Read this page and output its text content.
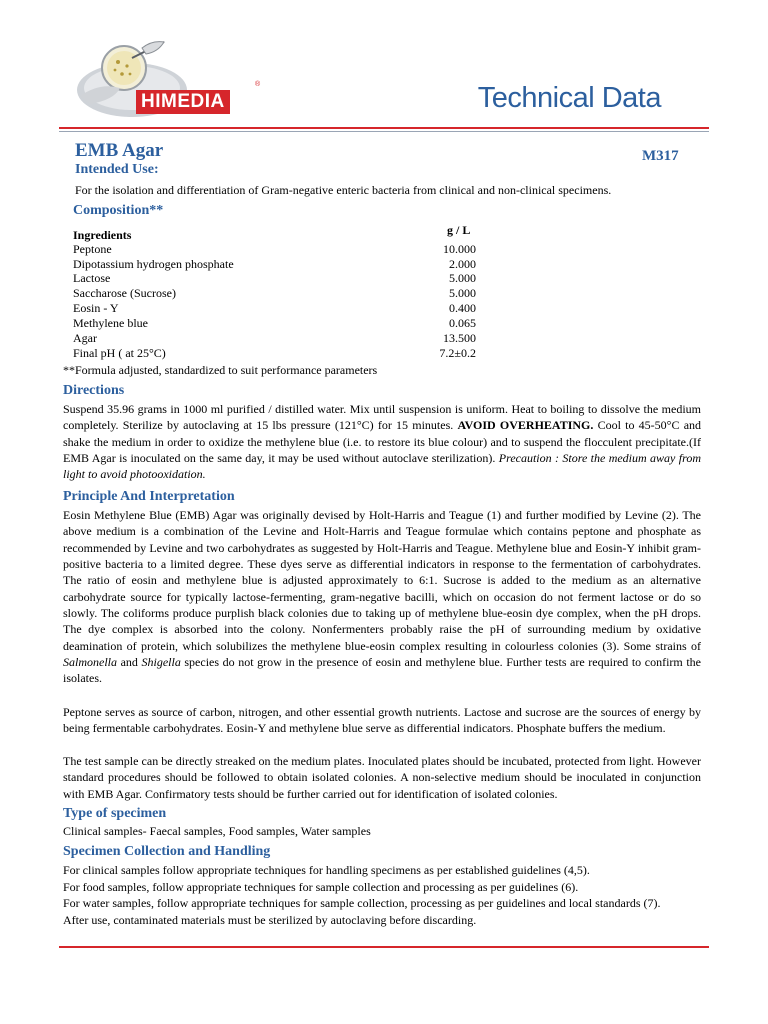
®
HIMEDIA	Technical Data
EMB Agar	M317
Intended Use:
For the isolation and differentiation of Gram-negative enteric bacteria from clinical and non-clinical specimens.
Composition**
Ingredients	g / L
Peptone	10.000
Dipotassium hydrogen phosphate	2.000
Lactose	5.000
Saccharose (Sucrose)	5.000
Eosin - Y	0.400
Methylene blue	0.065
Agar	13.500
Final pH ( at 25°C)	7.2±0.2
**Formula adjusted, standardized to suit performance parameters
Directions
Suspend 35.96 grams in 1000 ml purified / distilled water. Mix until suspension is uniform. Heat to boiling to dissolve the medium completely. Sterilize by autoclaving at 15 lbs pressure (121°C) for 15 minutes. AVOID OVERHEATING. Cool to 45-50°C and shake the medium in order to oxidize the methylene blue (i.e. to restore its blue colour) and to suspend the flocculent precipitate.(If EMB Agar is inoculated on the same day, it may be used without autoclave sterilization). Precaution : Store the medium away from light to avoid photooxidation.
Principle And Interpretation
Eosin Methylene Blue (EMB) Agar was originally devised by Holt-Harris and Teague (1) and further modified by Levine (2). The above medium is a combination of the Levine and Holt-Harris and Teague formulae which contains peptone and phosphate as recommended by Levine and two carbohydrates as suggested by Holt-Harris and Teague. Methylene blue and Eosin-Y inhibit gram-positive bacteria to a limited degree. These dyes serve as differential indicators in response to the fermentation of carbohydrates. The ratio of eosin and methylene blue is adjusted approximately to 6:1. Sucrose is added to the medium as an alternative carbohydrate source for typically lactose-fermenting, gram-negative bacilli, which on occasion do not ferment lactose or do so slowly. The coliforms produce purplish black colonies due to taking up of methylene blue-eosin dye complex, when the pH drops. The dye complex is absorbed into the colony. Nonfermenters probably raise the pH of surrounding medium by oxidative deamination of protein, which solubilizes the methylene blue-eosin complex resulting in colourless colonies (3). Some strains of Salmonella and Shigella species do not grow in the presence of eosin and methylene blue. Further tests are required to confirm the isolates.
Peptone serves as source of carbon, nitrogen, and other essential growth nutrients. Lactose and sucrose are the sources of energy by being fermentable carbohydrates. Eosin-Y and methylene blue serve as differential indicators. Phosphate buffers the medium.
The test sample can be directly streaked on the medium plates. Inoculated plates should be incubated, protected from light. However standard procedures should be followed to obtain isolated colonies. A non-selective medium should be inoculated in conjunction with EMB Agar. Confirmatory tests should be further carried out for identification of isolated colonies.
Type of specimen
Clinical samples- Faecal samples, Food samples, Water samples
Specimen Collection and Handling
For clinical samples follow appropriate techniques for handling specimens as per established guidelines (4,5).
For food samples, follow appropriate techniques for sample collection and processing as per guidelines (6).
For water samples, follow appropriate techniques for sample collection, processing as per guidelines and local standards (7).
After use, contaminated materials must be sterilized by autoclaving before discarding.
